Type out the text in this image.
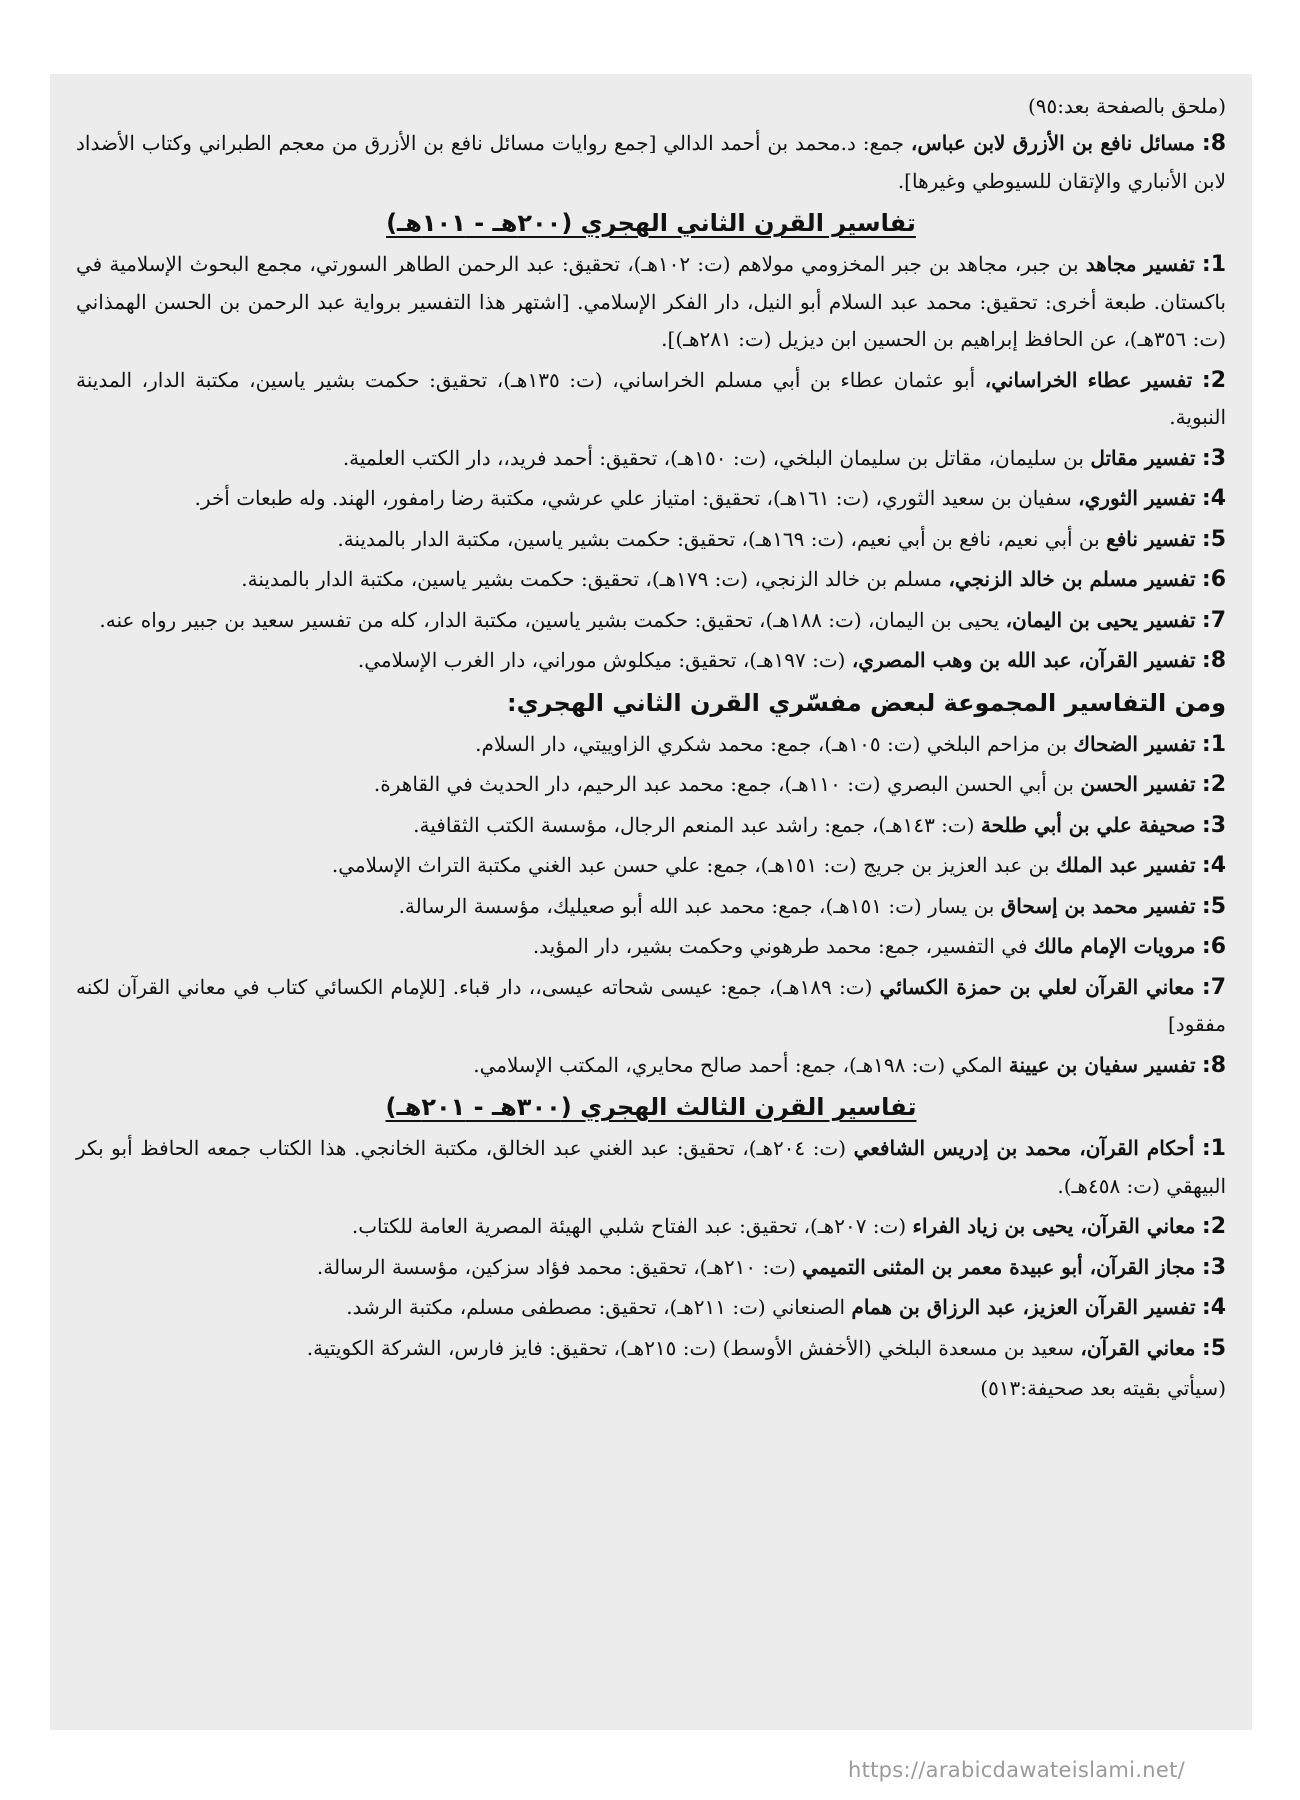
(ملحق بالصفحة بعد:٩٥)

8: مسائل نافع بن الأزرق لابن عباس، جمع: د.محمد بن أحمد الدالي [جمع روايات مسائل نافع بن الأزرق من معجم الطبراني وكتاب الأضداد لابن الأنباري والإتقان للسيوطي وغيرها].

تفاسير القرن الثاني الهجري (٢٠٠هـ - ١٠١هـ)

1: تفسير مجاهد بن جبر، مجاهد بن جبر المخزومي مولاهم (ت: ١٠٢هـ)، تحقيق: عبد الرحمن الطاهر السورتي، مجمع البحوث الإسلامية في باكستان. طبعة أخرى: تحقيق: محمد عبد السلام أبو النيل، دار الفكر الإسلامي. [اشتهر هذا التفسير برواية عبد الرحمن بن الحسن الهمذاني (ت: ٣٥٦هـ)، عن الحافظ إبراهيم بن الحسين ابن ديزيل (ت: ٢٨١هـ)].

2: تفسير عطاء الخراساني، أبو عثمان عطاء بن أبي مسلم الخراساني، (ت: ١٣٥هـ)، تحقيق: حكمت بشير ياسين، مكتبة الدار، المدينة النبوية.

3: تفسير مقاتل بن سليمان، مقاتل بن سليمان البلخي، (ت: ١٥٠هـ)، تحقيق: أحمد فريد،، دار الكتب العلمية.

4: تفسير الثوري، سفيان بن سعيد الثوري، (ت: ١٦١هـ)، تحقيق: امتياز علي عرشي، مكتبة رضا رامفور، الهند. وله طبعات أخر.

5: تفسير نافع بن أبي نعيم، نافع بن أبي نعيم، (ت: ١٦٩هـ)، تحقيق: حكمت بشير ياسين، مكتبة الدار بالمدينة.

6: تفسير مسلم بن خالد الزنجي، مسلم بن خالد الزنجي، (ت: ١٧٩هـ)، تحقيق: حكمت بشير ياسين، مكتبة الدار بالمدينة.

7: تفسير يحيى بن اليمان، يحيى بن اليمان، (ت: ١٨٨هـ)، تحقيق: حكمت بشير ياسين، مكتبة الدار، كله من تفسير سعيد بن جبير رواه عنه.

8: تفسير القرآن، عبد الله بن وهب المصري، (ت: ١٩٧هـ)، تحقيق: ميكلوش موراني، دار الغرب الإسلامي.

ومن التفاسير المجموعة لبعض مفسّري القرن الثاني الهجري:

1: تفسير الضحاك بن مزاحم البلخي (ت: ١٠٥هـ)، جمع: محمد شكري الزاوييتي، دار السلام.

2: تفسير الحسن بن أبي الحسن البصري (ت: ١١٠هـ)، جمع: محمد عبد الرحيم، دار الحديث في القاهرة.

3: صحيفة علي بن أبي طلحة (ت: ١٤٣هـ)، جمع: راشد عبد المنعم الرجال، مؤسسة الكتب الثقافية.

4: تفسير عبد الملك بن عبد العزيز بن جريج (ت: ١٥١هـ)، جمع: علي حسن عبد الغني مكتبة التراث الإسلامي.

5: تفسير محمد بن إسحاق بن يسار (ت: ١٥١هـ)، جمع: محمد عبد الله أبو صعيليك، مؤسسة الرسالة.

6: مرويات الإمام مالك في التفسير، جمع: محمد طرهوني وحكمت بشير، دار المؤيد.

7: معاني القرآن لعلي بن حمزة الكسائي (ت: ١٨٩هـ)، جمع: عيسى شحاته عيسى،، دار قباء. [للإمام الكسائي كتاب في معاني القرآن لكنه مفقود]

8: تفسير سفيان بن عيينة المكي (ت: ١٩٨هـ)، جمع: أحمد صالح محايري، المكتب الإسلامي.

تفاسير القرن الثالث الهجري (٣٠٠هـ - ٢٠١هـ)

1: أحكام القرآن، محمد بن إدريس الشافعي (ت: ٢٠٤هـ)، تحقيق: عبد الغني عبد الخالق، مكتبة الخانجي. هذا الكتاب جمعه الحافظ أبو بكر البيهقي (ت: ٤٥٨هـ).

2: معاني القرآن، يحيى بن زياد الفراء (ت: ٢٠٧هـ)، تحقيق: عبد الفتاح شلبي الهيئة المصرية العامة للكتاب.

3: مجاز القرآن، أبو عبيدة معمر بن المثنى التميمي (ت: ٢١٠هـ)، تحقيق: محمد فؤاد سزكين، مؤسسة الرسالة.

4: تفسير القرآن العزيز، عبد الرزاق بن همام الصنعاني (ت: ٢١١هـ)، تحقيق: مصطفى مسلم، مكتبة الرشد.

5: معاني القرآن، سعيد بن مسعدة البلخي (الأخفش الأوسط) (ت: ٢١٥هـ)، تحقيق: فايز فارس، الشركة الكويتية.

(سيأتي بقيته بعد صحيفة:٥١٣)

https://arabicdawateislami.net/
